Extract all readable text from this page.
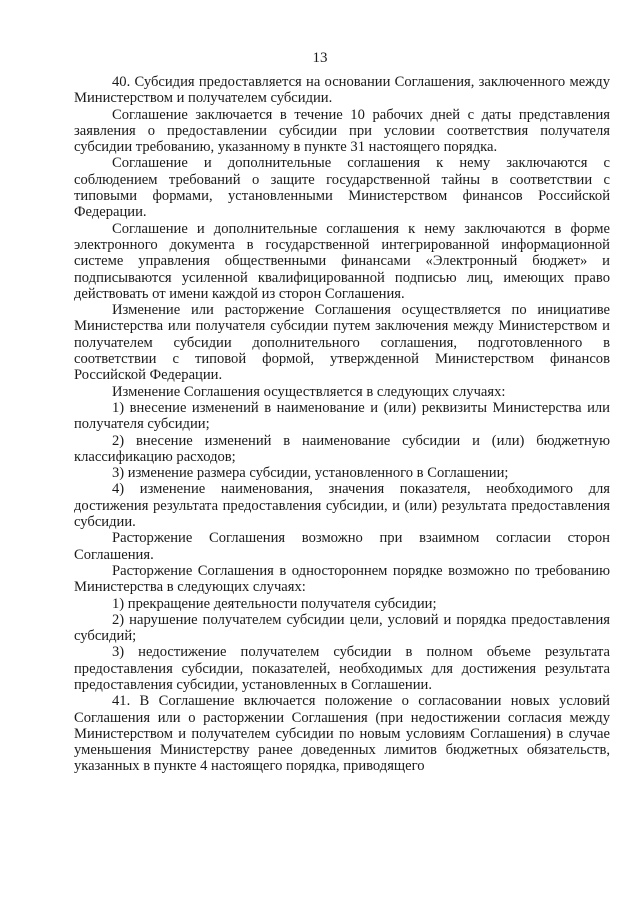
13

40. Субсидия предоставляется на основании Соглашения, заключенного между Министерством и получателем субсидии.

Соглашение заключается в течение 10 рабочих дней с даты представления заявления о предоставлении субсидии при условии соответствия получателя субсидии требованию, указанному в пункте 31 настоящего порядка.

Соглашение и дополнительные соглашения к нему заключаются с соблюдением требований о защите государственной тайны в соответствии с типовыми формами, установленными Министерством финансов Российской Федерации.

Соглашение и дополнительные соглашения к нему заключаются в форме электронного документа в государственной интегрированной информационной системе управления общественными финансами «Электронный бюджет» и подписываются усиленной квалифицированной подписью лиц, имеющих право действовать от имени каждой из сторон Соглашения.

Изменение или расторжение Соглашения осуществляется по инициативе Министерства или получателя субсидии путем заключения между Министерством и получателем субсидии дополнительного соглашения, подготовленного в соответствии с типовой формой, утвержденной Министерством финансов Российской Федерации.

Изменение Соглашения осуществляется в следующих случаях:

1) внесение изменений в наименование и (или) реквизиты Министерства или получателя субсидии;

2) внесение изменений в наименование субсидии и (или) бюджетную классификацию расходов;

3) изменение размера субсидии, установленного в Соглашении;

4) изменение наименования, значения показателя, необходимого для достижения результата предоставления субсидии, и (или) результата предоставления субсидии.

Расторжение Соглашения возможно при взаимном согласии сторон Соглашения.

Расторжение Соглашения в одностороннем порядке возможно по требованию Министерства в следующих случаях:

1) прекращение деятельности получателя субсидии;

2) нарушение получателем субсидии цели, условий и порядка предоставления субсидий;

3) недостижение получателем субсидии в полном объеме результата предоставления субсидии, показателей, необходимых для достижения результата предоставления субсидии, установленных в Соглашении.

41. В Соглашение включается положение о согласовании новых условий Соглашения или о расторжении Соглашения (при недостижении согласия между Министерством и получателем субсидии по новым условиям Соглашения) в случае уменьшения Министерству ранее доведенных лимитов бюджетных обязательств, указанных в пункте 4 настоящего порядка, приводящего
